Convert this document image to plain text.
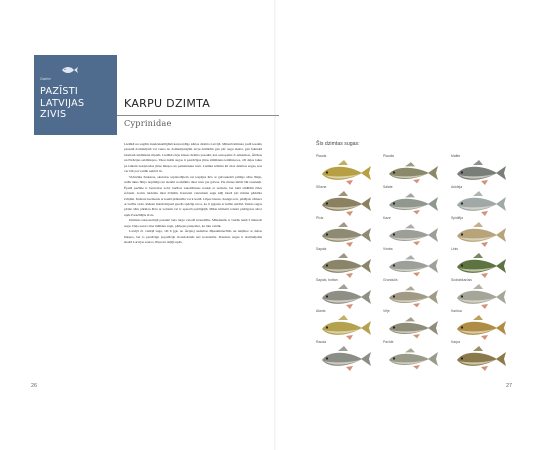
Gaelim
PAZĪSTI
LATVIJAS
ZIVIS
KARPU DZIMTA
Cyprinidae

Lielākā un sugām daudzskaitlīgākā karpveidīgo kārtas dzimta Latvijā. Mērenā klimata joslā iesaldu pasaulē dominējošā vai viena no dominējošajām zivju dzimtām gan pēc sugu skaita, gan faktiskā biomasā saldūdenu tilpnēs. Lielākā zivju klases dzimta pasaulē, kas sastopama Z-Amerikas, Āfrikas un Eirāzijas saldūdeņos. Tikai dažās sugas ir pastāvīgas jūras sāldūdens iemītnieces, vēl daļas laiku pa laikam nokļuvušas jūras ūdeņos un pamatnieku tuvu. Lielāka izmēru kā citas dzimtas sugas, kas var būt pat vairāk nekā 6 m.

Viduvāka ārukaras, skalošas saplatotājiem vai iespējas ūrts ar galvaskolēt pilnīgo sānu līniju, retāk tikus līnija nepilnīga un skaidri nodalāma tikai tuvu pie galvas. Pie mutes mēdz būt taustekļi. Ēpašā pazīme ir beatvalas zobi; barības sakožāšanas notiek ar nošiem, bet lakā atīdītām rīdes zobiem. Galvu laiduma tikai žvīņām. Karnenti vairumam sugu klāj biezā ļoti ēdama pārklāta zvīņām. Dažreiz kermenis ar kaulā plāksnīšu vai ir kailā. Lūpas biezas. Kungis nav, pēdējais vēmera ar barība vadu. Rakstu ūdenī mijuzā garzās spēcīgi un ta, ka ir gigants ar krūšu uzbūvi. Dažas sugas pirmo šēru pārklau ābtu ar zobiem vai ir aparatā pasātpjājā. Mūsu klimatā robeža pielāgotas sērot upēs Parazītājās zivis.

Dzimtas taksonomijā pasaulē rada leigu valodā izraudzīša. Mūsdienās ir vairāk nekā 3 tūkstoši sugu. Daļa autori zina māllsku sugu, pārkejas pieņemot, ka tika vairāk.

Latvijā 21 vietējā suga, vēl 6 (gk. no Āzijas) audzētas dīķsaimniecībās un iekļūsot ar dabas ūdeņos, bet to pastāvīgu populāciju izveidošanās nav konstatēta. Daudzas sugas ir dominējošās skaitā Latvijas ezeros, īliņu un daļēji upēs.

26
Šīs dzimtas sugas:
Plauds	Plaudis	Maltte
Sīksne	Salate	Aukleja
Pīcis	Kaze	Spidlēja
Sapals	Vimba	Linis
Sapals, bottan	Grundulis	Sudrabkarūss
Alants	Vēje	Karūsa
Rauda	Pavīde	Karpa
27
